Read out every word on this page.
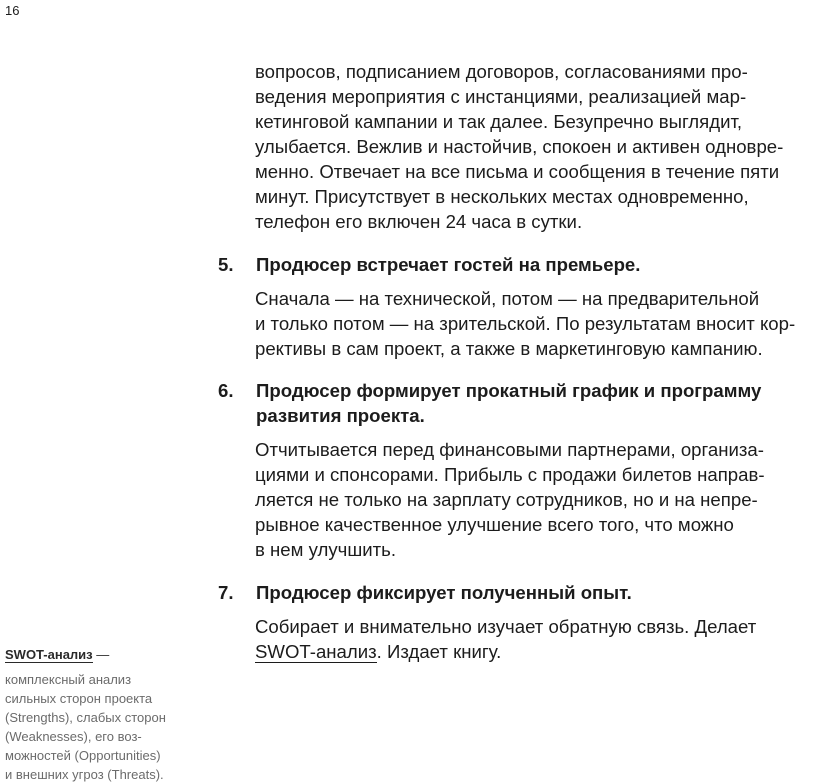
16
вопросов, подписанием договоров, согласованиями про-
ведения мероприятия с инстанциями, реализацией мар-
кетинговой кампании и так далее. Безупречно выглядит,
улыбается. Вежлив и настойчив, спокоен и активен одновре-
менно. Отвечает на все письма и сообщения в течение пяти
минут. Присутствует в нескольких местах одновременно,
телефон его включен 24 часа в сутки.
5.	Продюсер встречает гостей на премьере.
Сначала — на технической, потом — на предварительной
и только потом — на зрительской. По результатам вносит кор-
рективы в сам проект, а также в маркетинговую кампанию.
6.	Продюсер формирует прокатный график и программу
развития проекта.
Отчитывается перед финансовыми партнерами, организа-
циями и спонсорами. Прибыль с продажи билетов направ-
ляется не только на зарплату сотрудников, но и на непре-
рывное качественное улучшение всего того, что можно
в нем улучшить.
7.	Продюсер фиксирует полученный опыт.
Собирает и внимательно изучает обратную связь. Делает
SWOT-анализ. Издает книгу.
SWOT-анализ —
комплексный анализ
сильных сторон проекта
(Strengths), слабых сторон
(Weaknesses), его воз-
можностей (Opportunities)
и внешних угроз (Threats).
